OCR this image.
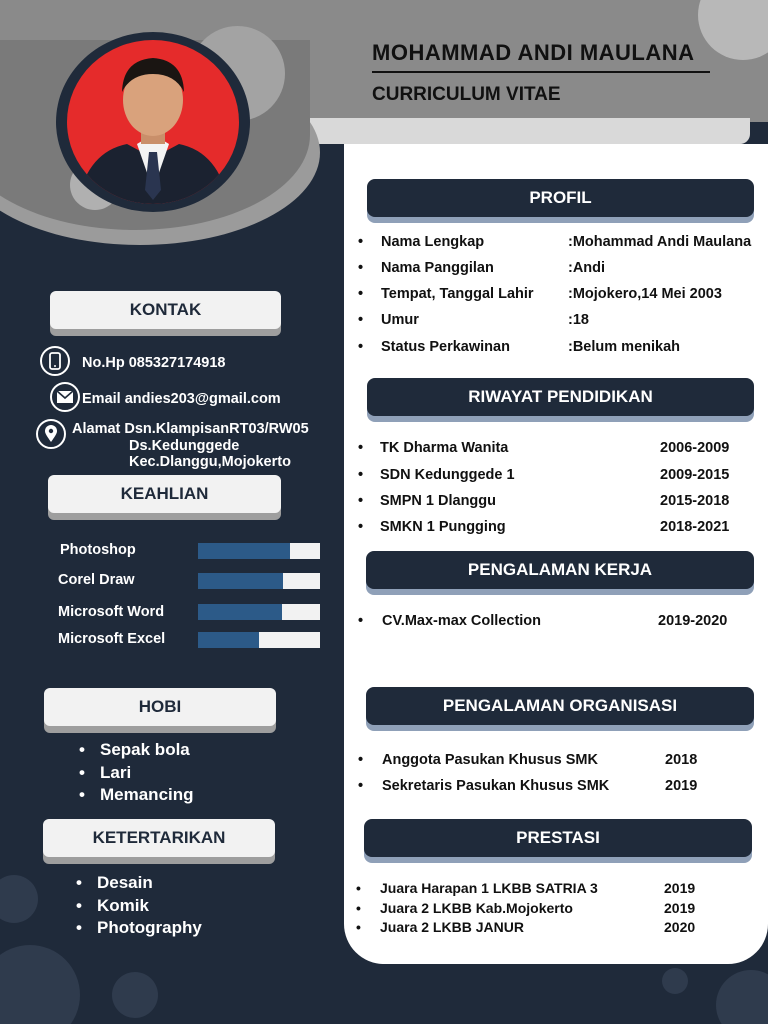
MOHAMMAD ANDI MAULANA
CURRICULUM VITAE
KONTAK
No.Hp 085327174918
Email andies203@gmail.com
Alamat Dsn.KlampisanRT03/RW05
Ds.Kedunggede
Kec.Dlanggu,Mojokerto
KEAHLIAN
Photoshop
Corel Draw
Microsoft Word
Microsoft Excel
HOBI
• Sepak bola
• Lari
• Memancing
KETERTARIKAN
• Desain
• Komik
• Photography
PROFIL
• Nama Lengkap	:Mohammad Andi Maulana
• Nama Panggilan	:Andi
• Tempat, Tanggal Lahir :Mojokero,14 Mei 2003
• Umur	:18
• Status Perkawinan	:Belum menikah
RIWAYAT PENDIDIKAN
• TK Dharma Wanita	2006-2009
• SDN Kedunggede 1	2009-2015
• SMPN 1 Dlanggu	2015-2018
• SMKN 1 Pungging	2018-2021
PENGALAMAN KERJA
• CV.Max-max Collection	2019-2020
PENGALAMAN ORGANISASI
• Anggota Pasukan Khusus SMK	2018
• Sekretaris Pasukan Khusus SMK	2019
PRESTASI
• Juara Harapan 1 LKBB SATRIA 3	2019
• Juara 2 LKBB Kab.Mojokerto	2019
• Juara 2 LKBB JANUR	2020
